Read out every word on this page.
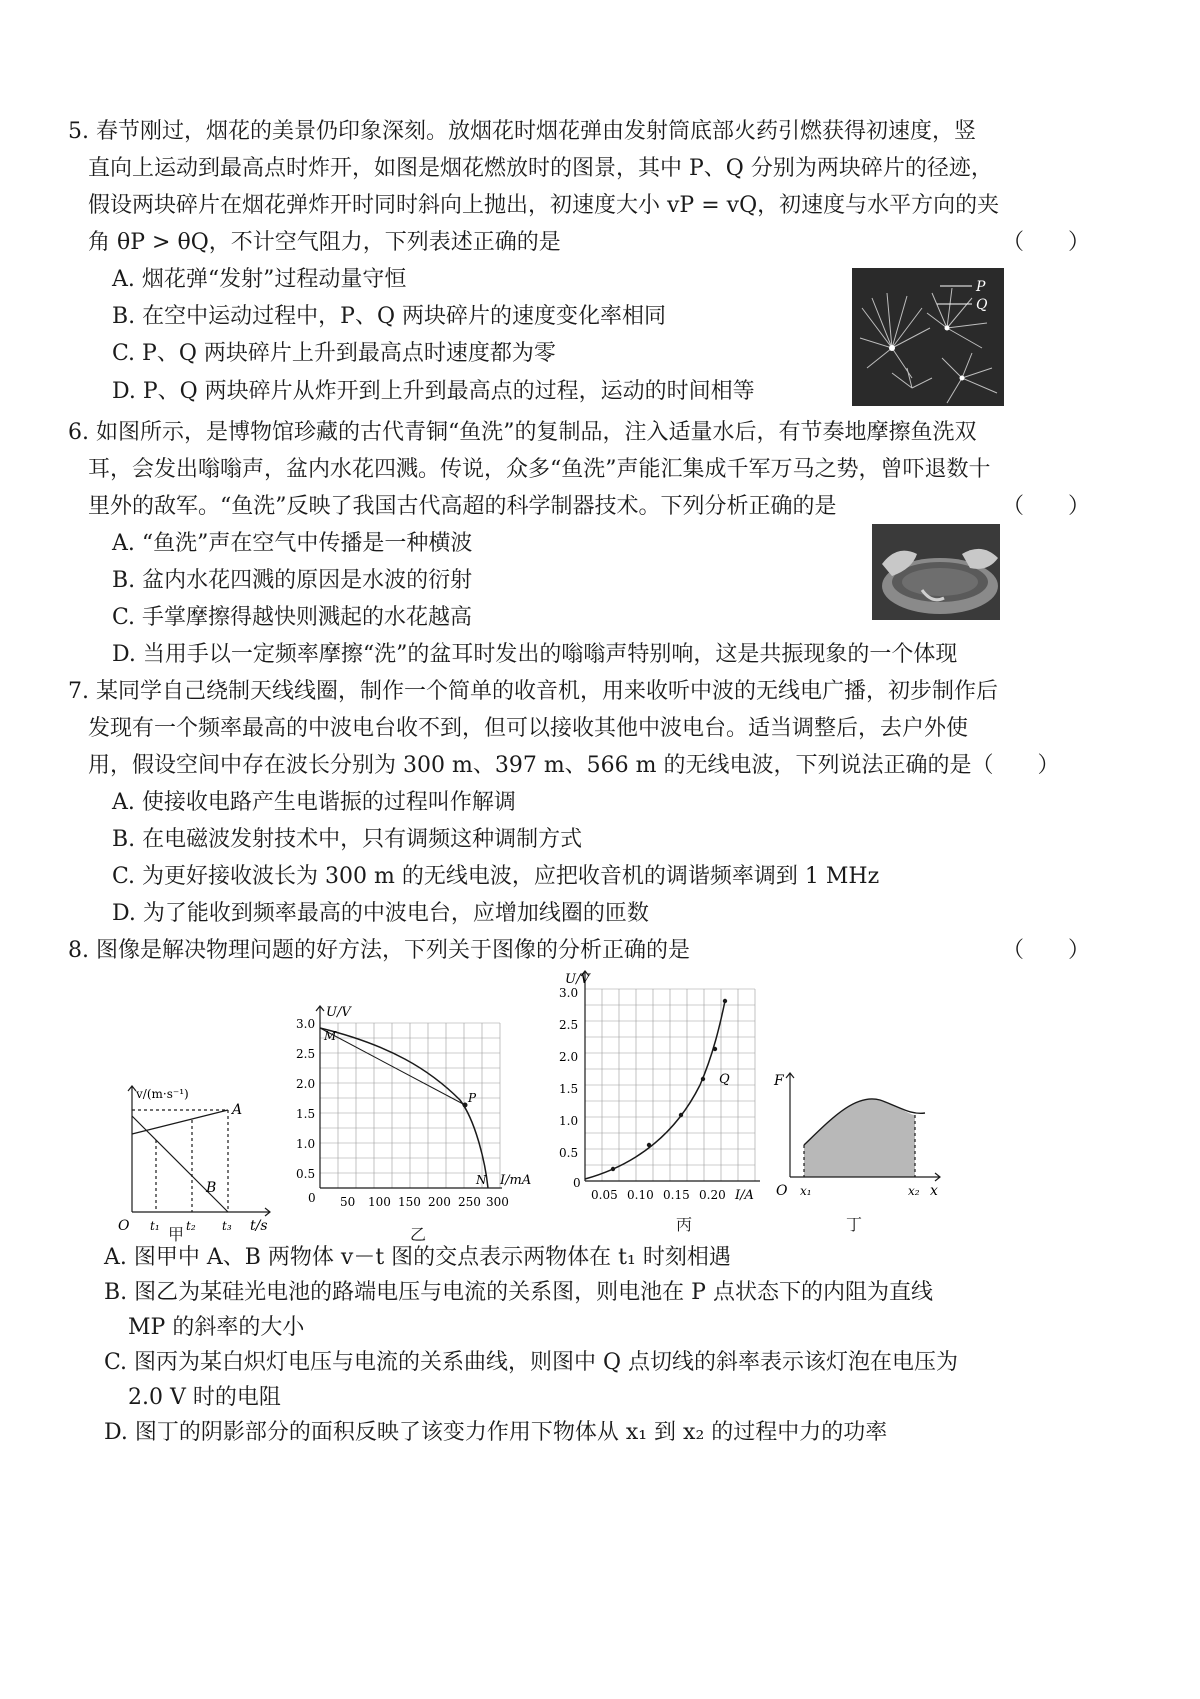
5. 春节刚过，烟花的美景仍印象深刻。放烟花时烟花弹由发射筒底部火药引燃获得初速度，竖
直向上运动到最高点时炸开，如图是烟花燃放时的图景，其中 P、Q 分别为两块碎片的径迹，
假设两块碎片在烟花弹炸开时同时斜向上抛出，初速度大小 vP = vQ，初速度与水平方向的夹
角 θP > θQ，不计空气阻力，下列表述正确的是	（　　）
A. 烟花弹“发射”过程动量守恒
B. 在空中运动过程中，P、Q 两块碎片的速度变化率相同
C. P、Q 两块碎片上升到最高点时速度都为零
D. P、Q 两块碎片从炸开到上升到最高点的过程，运动的时间相等
P
Q
6. 如图所示，是博物馆珍藏的古代青铜“鱼洗”的复制品，注入适量水后，有节奏地摩擦鱼洗双
耳，会发出嗡嗡声，盆内水花四溅。传说，众多“鱼洗”声能汇集成千军万马之势，曾吓退数十
里外的敌军。“鱼洗”反映了我国古代高超的科学制器技术。下列分析正确的是	（　　）
A. “鱼洗”声在空气中传播是一种横波
B. 盆内水花四溅的原因是水波的衍射
C. 手掌摩擦得越快则溅起的水花越高
D. 当用手以一定频率摩擦“洗”的盆耳时发出的嗡嗡声特别响，这是共振现象的一个体现
7. 某同学自己绕制天线线圈，制作一个简单的收音机，用来收听中波的无线电广播，初步制作后
发现有一个频率最高的中波电台收不到，但可以接收其他中波电台。适当调整后，去户外使
用，假设空间中存在波长分别为 300 m、397 m、566 m 的无线电波，下列说法正确的是（　　）
A. 使接收电路产生电谐振的过程叫作解调
B. 在电磁波发射技术中，只有调频这种调制方式
C. 为更好接收波长为 300 m 的无线电波，应把收音机的调谐频率调到 1 MHz
D. 为了能收到频率最高的中波电台，应增加线圈的匝数
8. 图像是解决物理问题的好方法，下列关于图像的分析正确的是	（　　）
v/(m·s⁻¹)
t/s
O t₁ t₂ t₃
A
B
甲
U/V
I/mA
0
0.5
1.0
1.5
2.0
2.5
3.0
50 100 150 200 250 300
M
P
N
乙
U/V
I/A
0
0.5
1.0
1.5
2.0
2.5
3.0
0.05 0.10 0.15 0.20
Q
丙
F
x
O x₁	x₂
丁
A. 图甲中 A、B 两物体 v－t 图的交点表示两物体在 t₁ 时刻相遇
B. 图乙为某硅光电池的路端电压与电流的关系图，则电池在 P 点状态下的内阻为直线
MP 的斜率的大小
C. 图丙为某白炽灯电压与电流的关系曲线，则图中 Q 点切线的斜率表示该灯泡在电压为
2.0 V 时的电阻
D. 图丁的阴影部分的面积反映了该变力作用下物体从 x₁ 到 x₂ 的过程中力的功率
